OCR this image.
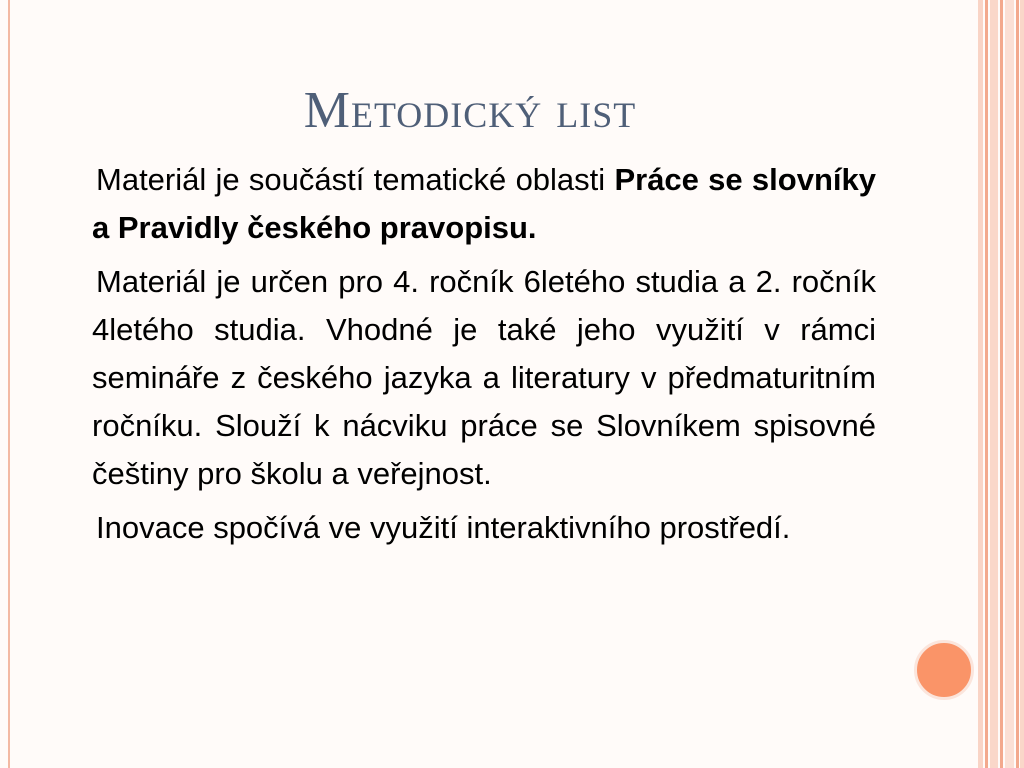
Metodický list

Materiál je součástí tematické oblasti Práce se slovníky a Pravidly českého pravopisu.

Materiál je určen pro 4. ročník 6letého studia a 2. ročník 4letého studia. Vhodné je také jeho využití v rámci semináře z českého jazyka a literatury v předmaturitním ročníku. Slouží k nácviku práce se Slovníkem spisovné češtiny pro školu a veřejnost.

Inovace spočívá ve využití interaktivního prostředí.
